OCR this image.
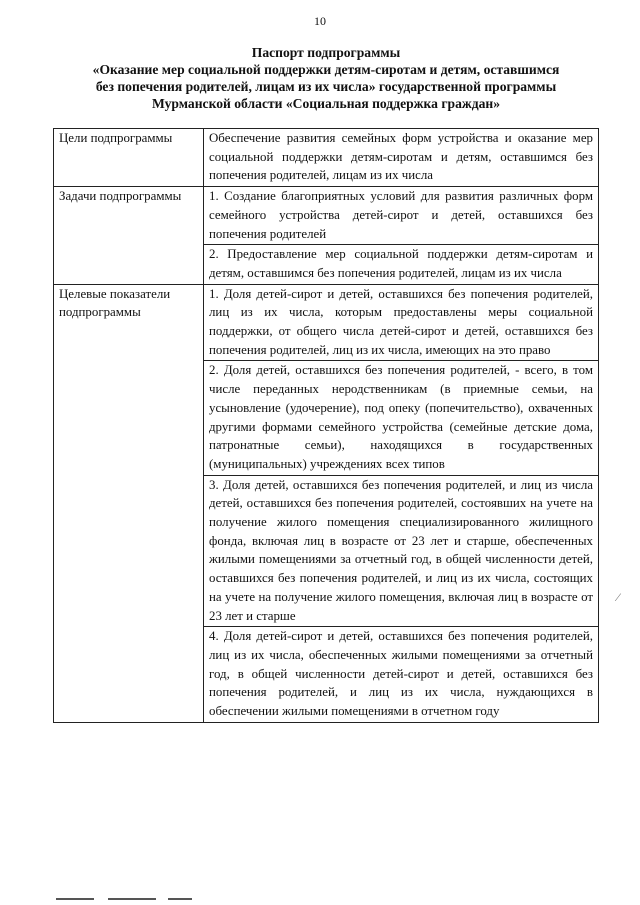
10
Паспорт подпрограммы
«Оказание мер социальной поддержки детям-сиротам и детям, оставшимся
без попечения родителей, лицам из их числа» государственной программы
Мурманской области «Социальная поддержка граждан»
Цели подпрограммы	Обеспечение развития семейных форм устройства и оказание мер социальной поддержки детям-сиротам и детям, оставшимся без попечения родителей, лицам из их числа
Задачи подпрограммы	1. Создание благоприятных условий для развития различных форм семейного устройства детей-сирот и детей, оставшихся без попечения родителей
	2. Предоставление мер социальной поддержки детям-сиротам и детям, оставшимся без попечения родителей, лицам из их числа
Целевые показатели подпрограммы	1. Доля детей-сирот и детей, оставшихся без попечения родителей, лиц из их числа, которым предоставлены меры социальной поддержки, от общего числа детей-сирот и детей, оставшихся без попечения родителей, лиц из их числа, имеющих на это право
	2. Доля детей, оставшихся без попечения родителей, - всего, в том числе переданных неродственникам (в приемные семьи, на усыновление (удочерение), под опеку (попечительство), охваченных другими формами семейного устройства (семейные детские дома, патронатные семьи), находящихся в государственных (муниципальных) учреждениях всех типов
	3. Доля детей, оставшихся без попечения родителей, и лиц из числа детей, оставшихся без попечения родителей, состоявших на учете на получение жилого помещения специализированного жилищного фонда, включая лиц в возрасте от 23 лет и старше, обеспеченных жилыми помещениями за отчетный год, в общей численности детей, оставшихся без попечения родителей, и лиц из их числа, состоящих на учете на получение жилого помещения, включая лиц в возрасте от 23 лет и старше
	4. Доля детей-сирот и детей, оставшихся без попечения родителей, лиц из их числа, обеспеченных жилыми помещениями за отчетный год, в общей численности детей-сирот и детей, оставшихся без попечения родителей, и лиц из их числа, нуждающихся в обеспечении жилыми помещениями в отчетном году
⁄
